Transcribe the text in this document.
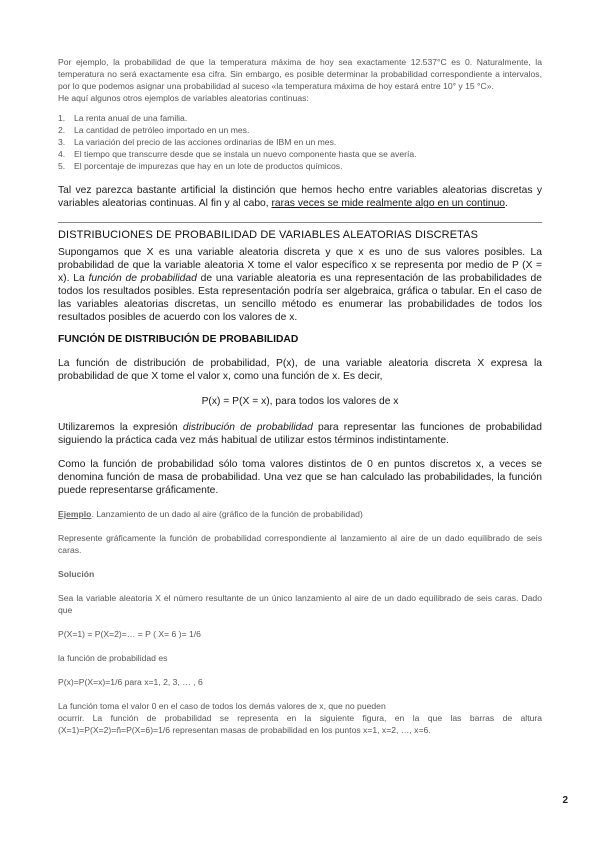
Por ejemplo, la probabilidad de que la temperatura máxima de hoy sea exactamente 12.537°C es 0. Naturalmente, la temperatura no será exactamente esa cifra. Sin embargo, es posible determinar la probabilidad correspondiente a intervalos, por lo que podemos asignar una probabilidad al suceso «la temperatura máxima de hoy estará entre 10° y 15 °C».

He aquí algunos otros ejemplos de variables aleatorias continuas:

1.	La renta anual de una familia.
2.	La cantidad de petróleo importado en un mes.
3.	La variación del precio de las acciones ordinarias de IBM en un mes.
4.	El tiempo que transcurre desde que se instala un nuevo componente hasta que se avería.
5.	El porcentaje de impurezas que hay en un lote de productos químicos.

Tal vez parezca bastante artificial la distinción que hemos hecho entre variables aleatorias discretas y variables aleatorias continuas. Al fin y al cabo, raras veces se mide realmente algo en un continuo.

DISTRIBUCIONES DE PROBABILIDAD DE VARIABLES ALEATORIAS DISCRETAS

Supongamos que X es una variable aleatoria discreta y que x es uno de sus valores posibles. La probabilidad de que la variable aleatoria X tome el valor específico x se representa por medio de P (X = x). La función de probabilidad de una variable aleatoria es una representación de las probabilidades de todos los resultados posibles. Esta representación podría ser algebraica, gráfica o tabular. En el caso de las variables aleatorias discretas, un sencillo método es enumerar las probabilidades de todos los resultados posibles de acuerdo con los valores de x.

FUNCIÓN DE DISTRIBUCIÓN DE PROBABILIDAD

La función de distribución de probabilidad, P(x), de una variable aleatoria discreta X expresa la probabilidad de que X tome el valor x, como una función de x. Es decir,

P(x) = P(X = x), para todos los valores de x

Utilizaremos la expresión distribución de probabilidad para representar las funciones de probabilidad siguiendo la práctica cada vez más habitual de utilizar estos términos indistintamente.

Como la función de probabilidad sólo toma valores distintos de 0 en puntos discretos x, a veces se denomina función de masa de probabilidad. Una vez que se han calculado las probabilidades, la función puede representarse gráficamente.

Ejemplo. Lanzamiento de un dado al aire (gráfico de la función de probabilidad)

Represente gráficamente la función de probabilidad correspondiente al lanzamiento al aire de un dado equilibrado de seis caras.

Solución

Sea la variable aleatoria X el número resultante de un único lanzamiento al aire de un dado equilibrado de seis caras. Dado que

P(X=1) = P(X=2)=… = P ( X= 6 )= 1/6

la función de probabilidad es

P(x)=P(X=x)=1/6 para x=1, 2, 3, … , 6

La función toma el valor 0 en el caso de todos los demás valores de x, que no pueden

ocurrir. La función de probabilidad se representa en la siguiente figura, en la que las barras de altura (X=1)=P(X=2)=ñ=P(X=6)=1/6 representan masas de probabilidad en los puntos x=1, x=2, …, x=6.

2
